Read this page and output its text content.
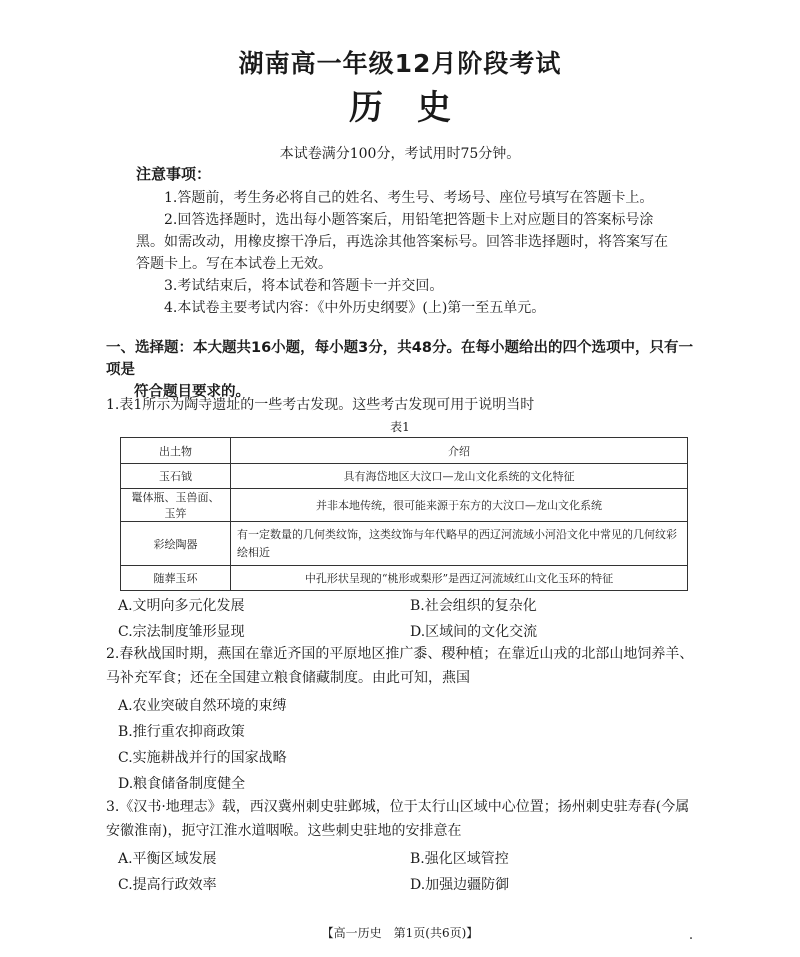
湖南高一年级12月阶段考试
历　史
本试卷满分100分，考试用时75分钟。
注意事项：
1.答题前，考生务必将自己的姓名、考生号、考场号、座位号填写在答题卡上。
2.回答选择题时，选出每小题答案后，用铅笔把答题卡上对应题目的答案标号涂黑。如需改动，用橡皮擦干净后，再选涂其他答案标号。回答非选择题时，将答案写在答题卡上。写在本试卷上无效。
3.考试结束后，将本试卷和答题卡一并交回。
4.本试卷主要考试内容：《中外历史纲要》(上)第一至五单元。
一、选择题：本大题共16小题，每小题3分，共48分。在每小题给出的四个选项中，只有一项是
符合题目要求的。
1.表1所示为陶寺遗址的一些考古发现。这些考古发现可用于说明当时
表1
出土物	介绍
玉石钺	具有海岱地区大汶口—龙山文化系统的文化特征
鼍体瓶、玉兽面、玉笄	并非本地传统，很可能来源于东方的大汶口—龙山文化系统
彩绘陶器	有一定数量的几何类纹饰，这类纹饰与年代略早的西辽河流域小河沿文化中常见的几何纹彩绘相近
随葬玉环	中孔形状呈现的“桃形或梨形”是西辽河流域红山文化玉环的特征
A.文明向多元化发展	B.社会组织的复杂化
C.宗法制度雏形显现	D.区域间的文化交流
2.春秋战国时期，燕国在靠近齐国的平原地区推广黍、稷种植；在靠近山戎的北部山地饲养羊、马补充军食；还在全国建立粮食储藏制度。由此可知，燕国
A.农业突破自然环境的束缚
B.推行重农抑商政策
C.实施耕战并行的国家战略
D.粮食储备制度健全
3.《汉书·地理志》载，西汉冀州刺史驻邺城，位于太行山区域中心位置；扬州刺史驻寿春(今属安徽淮南)，扼守江淮水道咽喉。这些刺史驻地的安排意在
A.平衡区域发展	B.强化区域管控
C.提高行政效率	D.加强边疆防御
【高一历史　第1页(共6页)】	・
